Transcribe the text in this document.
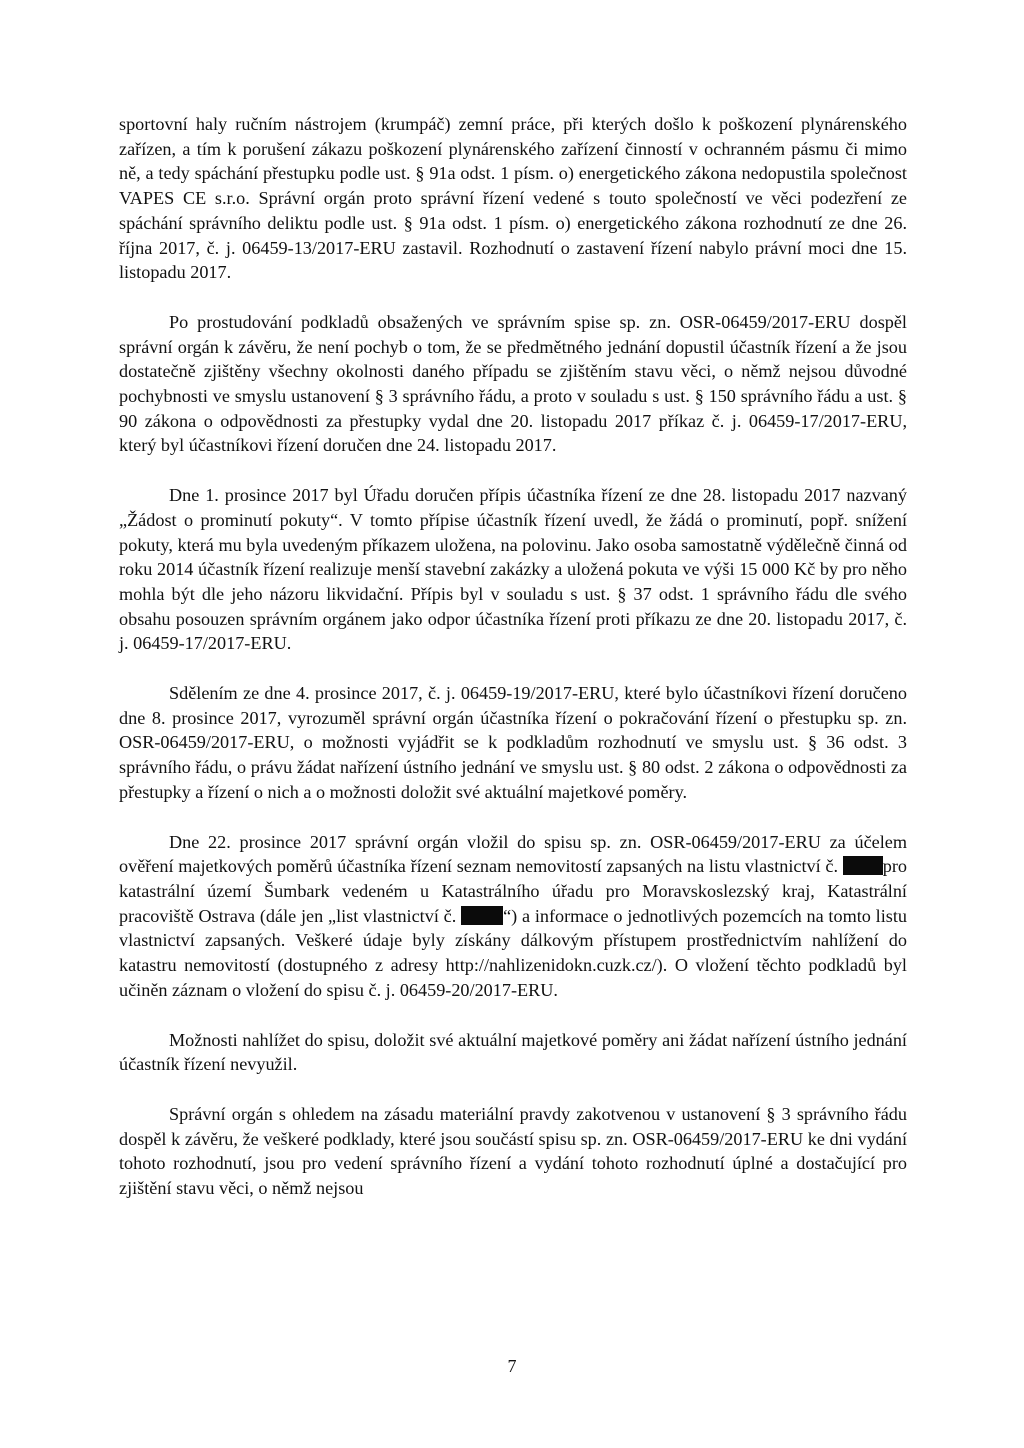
sportovní haly ručním nástrojem (krumpáč) zemní práce, při kterých došlo k poškození plynárenského zařízen, a tím k porušení zákazu poškození plynárenského zařízení činností v ochranném pásmu či mimo ně, a tedy spáchání přestupku podle ust. § 91a odst. 1 písm. o) energetického zákona nedopustila společnost VAPES CE s.r.o. Správní orgán proto správní řízení vedené s touto společností ve věci podezření ze spáchání správního deliktu podle ust. § 91a odst. 1 písm. o) energetického zákona rozhodnutí ze dne 26. října 2017, č. j. 06459-13/2017-ERU zastavil. Rozhodnutí o zastavení řízení nabylo právní moci dne 15. listopadu 2017.

Po prostudování podkladů obsažených ve správním spise sp. zn. OSR-06459/2017-ERU dospěl správní orgán k závěru, že není pochyb o tom, že se předmětného jednání dopustil účastník řízení a že jsou dostatečně zjištěny všechny okolnosti daného případu se zjištěním stavu věci, o němž nejsou důvodné pochybnosti ve smyslu ustanovení § 3 správního řádu, a proto v souladu s ust. § 150 správního řádu a ust. § 90 zákona o odpovědnosti za přestupky vydal dne 20. listopadu 2017 příkaz č. j. 06459-17/2017-ERU, který byl účastníkovi řízení doručen dne 24. listopadu 2017.

Dne 1. prosince 2017 byl Úřadu doručen přípis účastníka řízení ze dne 28. listopadu 2017 nazvaný „Žádost o prominutí pokuty“. V tomto přípise účastník řízení uvedl, že žádá o prominutí, popř. snížení pokuty, která mu byla uvedeným příkazem uložena, na polovinu. Jako osoba samostatně výdělečně činná od roku 2014 účastník řízení realizuje menší stavební zakázky a uložená pokuta ve výši 15 000 Kč by pro něho mohla být dle jeho názoru likvidační. Přípis byl v souladu s ust. § 37 odst. 1 správního řádu dle svého obsahu posouzen správním orgánem jako odpor účastníka řízení proti příkazu ze dne 20. listopadu 2017, č. j. 06459-17/2017-ERU.

Sdělením ze dne 4. prosince 2017, č. j. 06459-19/2017-ERU, které bylo účastníkovi řízení doručeno dne 8. prosince 2017, vyrozuměl správní orgán účastníka řízení o pokračování řízení o přestupku sp. zn. OSR-06459/2017-ERU, o možnosti vyjádřit se k podkladům rozhodnutí ve smyslu ust. § 36 odst. 3 správního řádu, o právu žádat nařízení ústního jednání ve smyslu ust. § 80 odst. 2 zákona o odpovědnosti za přestupky a řízení o nich a o možnosti doložit své aktuální majetkové poměry.

Dne 22. prosince 2017 správní orgán vložil do spisu sp. zn. OSR-06459/2017-ERU za účelem ověření majetkových poměrů účastníka řízení seznam nemovitostí zapsaných na listu vlastnictví č. pro katastrální území Šumbark vedeném u Katastrálního úřadu pro Moravskoslezský kraj, Katastrální pracoviště Ostrava (dále jen „list vlastnictví č. “) a informace o jednotlivých pozemcích na tomto listu vlastnictví zapsaných. Veškeré údaje byly získány dálkovým přístupem prostřednictvím nahlížení do katastru nemovitostí (dostupného z adresy http://nahlizenidokn.cuzk.cz/). O vložení těchto podkladů byl učiněn záznam o vložení do spisu č. j. 06459-20/2017-ERU.

Možnosti nahlížet do spisu, doložit své aktuální majetkové poměry ani žádat nařízení ústního jednání účastník řízení nevyužil.

Správní orgán s ohledem na zásadu materiální pravdy zakotvenou v ustanovení § 3 správního řádu dospěl k závěru, že veškeré podklady, které jsou součástí spisu sp. zn. OSR-06459/2017-ERU ke dni vydání tohoto rozhodnutí, jsou pro vedení správního řízení a vydání tohoto rozhodnutí úplné a dostačující pro zjištění stavu věci, o němž nejsou

7
